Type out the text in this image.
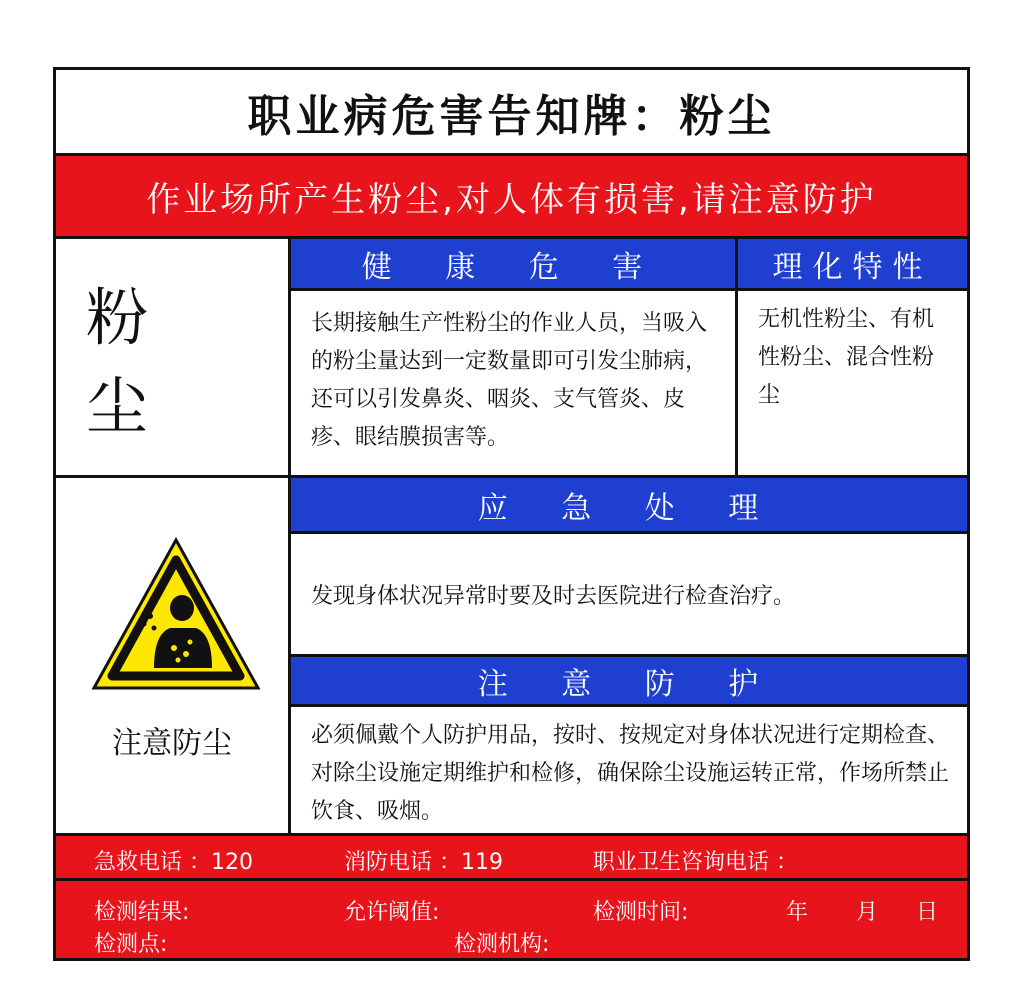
职业病危害告知牌：粉尘
作业场所产生粉尘,对人体有损害,请注意防护
粉 尘
注意防尘
健 康 危 害	理化特性
长期接触生产性粉尘的作业人员，当吸入的粉尘量达到一定数量即可引发尘肺病，还可以引发鼻炎、咽炎、支气管炎、皮疹、眼结膜损害等。
无机性粉尘、有机性粉尘、混合性粉尘
应 急 处 理
发现身体状况异常时要及时去医院进行检查治疗。
注 意 防 护
必须佩戴个人防护用品，按时、按规定对身体状况进行定期检查、对除尘设施定期维护和检修，确保除尘设施运转正常，作场所禁止饮食、吸烟。
急救电话 ：120	消防电话 ：119	职业卫生咨询电话 ：
检测结果:	允许阈值:	检测时间:	年 月 日
检测点:	检测机构:
